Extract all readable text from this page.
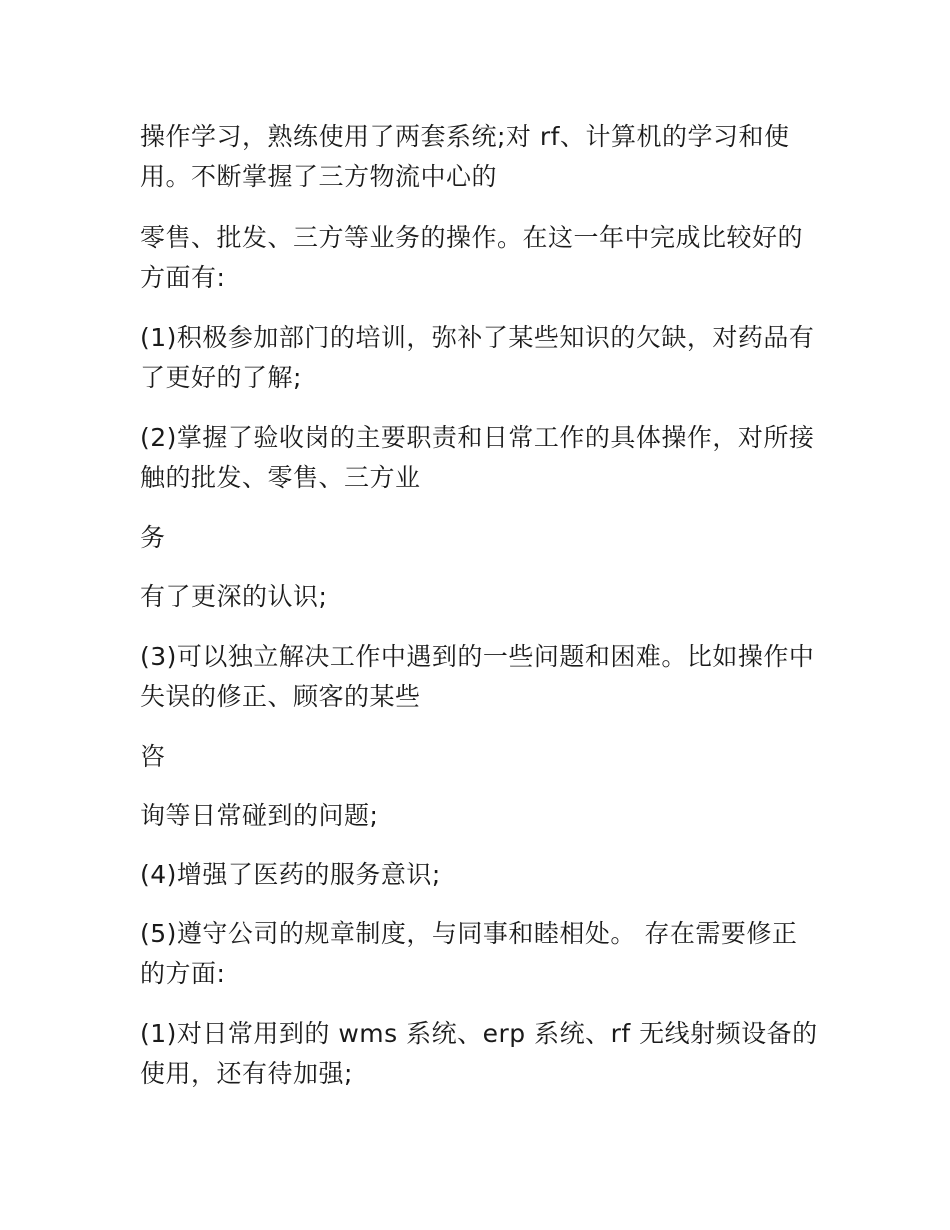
操作学习，熟练使用了两套系统;对 rf、计算机的学习和使用。不断掌握了三方物流中心的

零售、批发、三方等业务的操作。在这一年中完成比较好的方面有:

(1)积极参加部门的培训，弥补了某些知识的欠缺，对药品有了更好的了解;

(2)掌握了验收岗的主要职责和日常工作的具体操作，对所接触的批发、零售、三方业

务

有了更深的认识;

(3)可以独立解决工作中遇到的一些问题和困难。比如操作中失误的修正、顾客的某些

咨

询等日常碰到的问题;

(4)增强了医药的服务意识;

(5)遵守公司的规章制度，与同事和睦相处。 存在需要修正的方面:

(1)对日常用到的 wms 系统、erp 系统、rf 无线射频设备的使用，还有待加强;
